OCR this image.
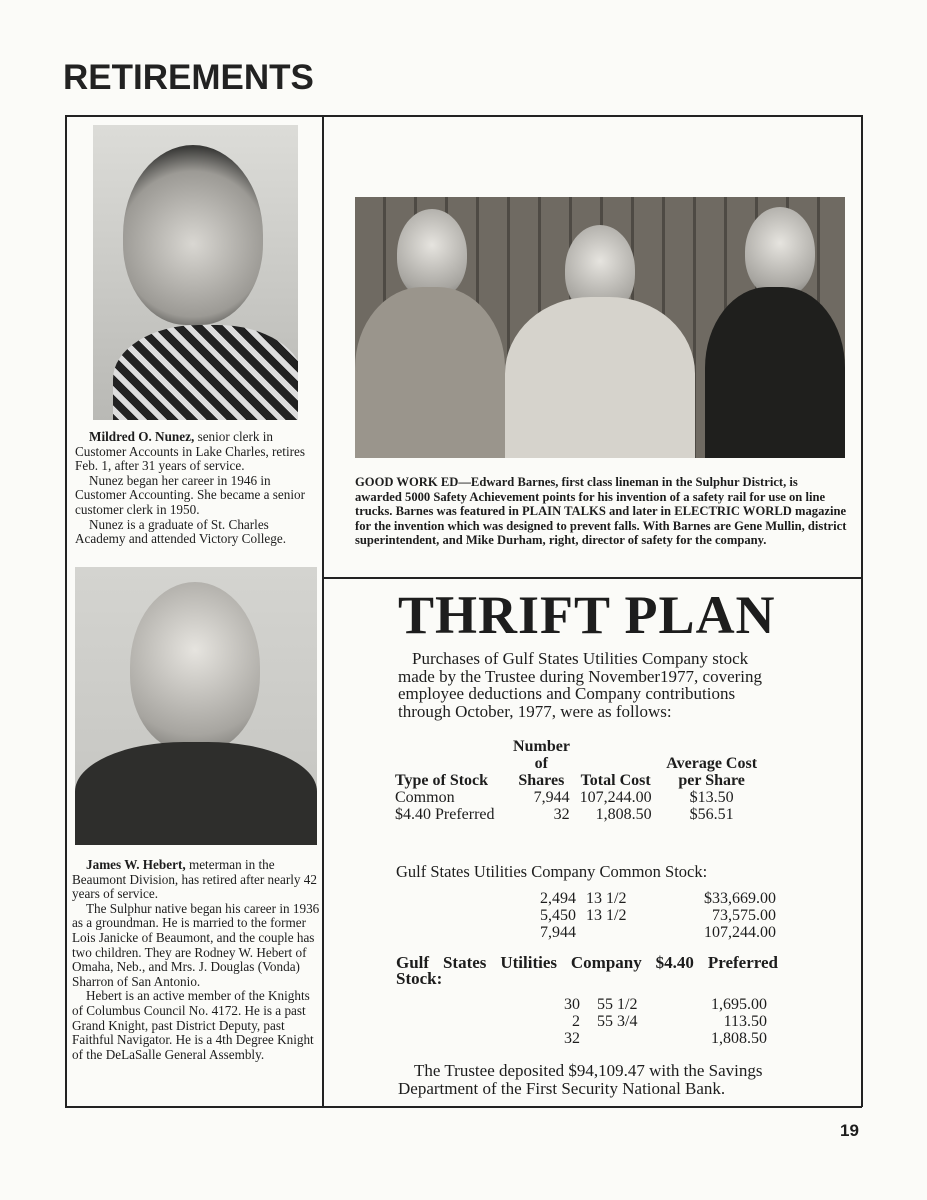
RETIREMENTS

Mildred O. Nunez, senior clerk in Customer Accounts in Lake Charles, retires Feb. 1, after 31 years of service.

Nunez began her career in 1946 in Customer Accounting. She became a senior customer clerk in 1950.

Nunez is a graduate of St. Charles Academy and attended Victory College.

James W. Hebert, meterman in the Beaumont Division, has retired after nearly 42 years of service.

The Sulphur native began his career in 1936 as a groundman. He is married to the former Lois Janicke of Beaumont, and the couple has two children. They are Rodney W. Hebert of Omaha, Neb., and Mrs. J. Douglas (Vonda) Sharron of San Antonio.

Hebert is an active member of the Knights of Columbus Council No. 4172. He is a past Grand Knight, past District Deputy, past Faithful Navigator. He is a 4th Degree Knight of the DeLaSalle General Assembly.

GOOD WORK ED—Edward Barnes, first class lineman in the Sulphur District, is awarded 5000 Safety Achievement points for his invention of a safety rail for use on line trucks. Barnes was featured in PLAIN TALKS and later in ELECTRIC WORLD magazine for the invention which was designed to prevent falls. With Barnes are Gene Mullin, district superintendent, and Mike Durham, right, director of safety for the company.
THRIFT PLAN
Purchases of Gulf States Utilities Company stock made by the Trustee during November1977, covering employee deductions and Company contributions through October, 1977, were as follows:
Type of Stock	Number of Shares	Total Cost	Average Cost per Share
Common	7,944	107,244.00	$13.50
$4.40 Preferred	32	1,808.50	$56.51
Gulf States Utilities Company Common Stock:
2,494	13 1/2	$33,669.00
5,450	13 1/2	73,575.00
7,944		107,244.00
Gulf States Utilities Company $4.40 Preferred Stock:
30	55 1/2	1,695.00
2	55 3/4	113.50
32		1,808.50
The Trustee deposited $94,109.47 with the Savings Department of the First Security National Bank.
19
